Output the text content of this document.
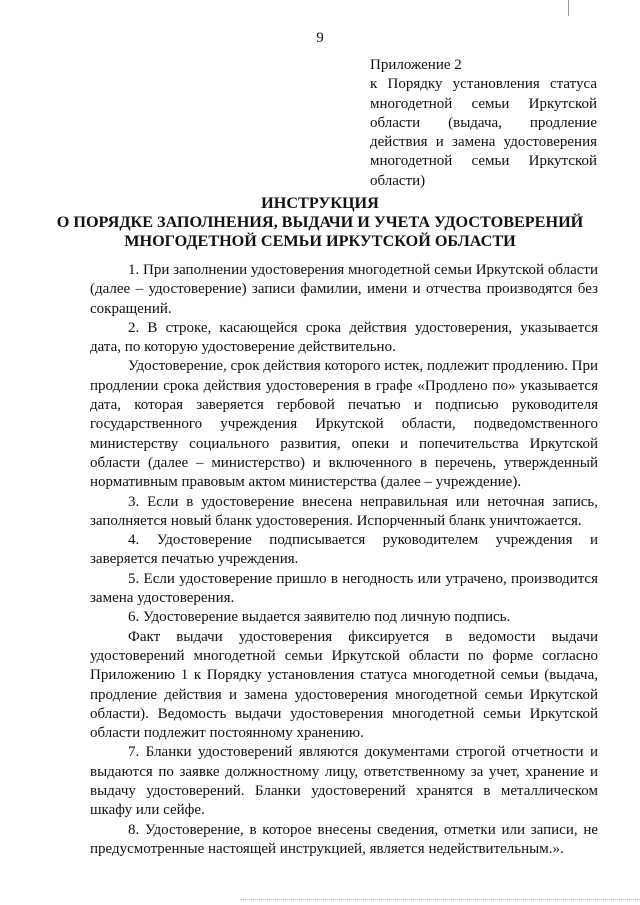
9
Приложение 2
к Порядку установления статуса многодетной семьи Иркутской области (выдача, продление действия и замена удостоверения многодетной семьи Иркутской области)
ИНСТРУКЦИЯ
О ПОРЯДКЕ ЗАПОЛНЕНИЯ, ВЫДАЧИ И УЧЕТА УДОСТОВЕРЕНИЙ
МНОГОДЕТНОЙ СЕМЬИ ИРКУТСКОЙ ОБЛАСТИ

1. При заполнении удостоверения многодетной семьи Иркутской области (далее – удостоверение) записи фамилии, имени и отчества производятся без сокращений.

2. В строке, касающейся срока действия удостоверения, указывается дата, по которую удостоверение действительно.

Удостоверение, срок действия которого истек, подлежит продлению. При продлении срока действия удостоверения в графе «Продлено по» указывается дата, которая заверяется гербовой печатью и подписью руководителя государственного учреждения Иркутской области, подведомственного министерству социального развития, опеки и попечительства Иркутской области (далее – министерство) и включенного в перечень, утвержденный нормативным правовым актом министерства (далее – учреждение).

3. Если в удостоверение внесена неправильная или неточная запись, заполняется новый бланк удостоверения. Испорченный бланк уничтожается.

4. Удостоверение подписывается руководителем учреждения и заверяется печатью учреждения.

5. Если удостоверение пришло в негодность или утрачено, производится замена удостоверения.

6. Удостоверение выдается заявителю под личную подпись.

Факт выдачи удостоверения фиксируется в ведомости выдачи удостоверений многодетной семьи Иркутской области по форме согласно Приложению 1 к Порядку установления статуса многодетной семьи (выдача, продление действия и замена удостоверения многодетной семьи Иркутской области). Ведомость выдачи удостоверения многодетной семьи Иркутской области подлежит постоянному хранению.

7. Бланки удостоверений являются документами строгой отчетности и выдаются по заявке должностному лицу, ответственному за учет, хранение и выдачу удостоверений. Бланки удостоверений хранятся в металлическом шкафу или сейфе.

8. Удостоверение, в которое внесены сведения, отметки или записи, не предусмотренные настоящей инструкцией, является недействительным.».
